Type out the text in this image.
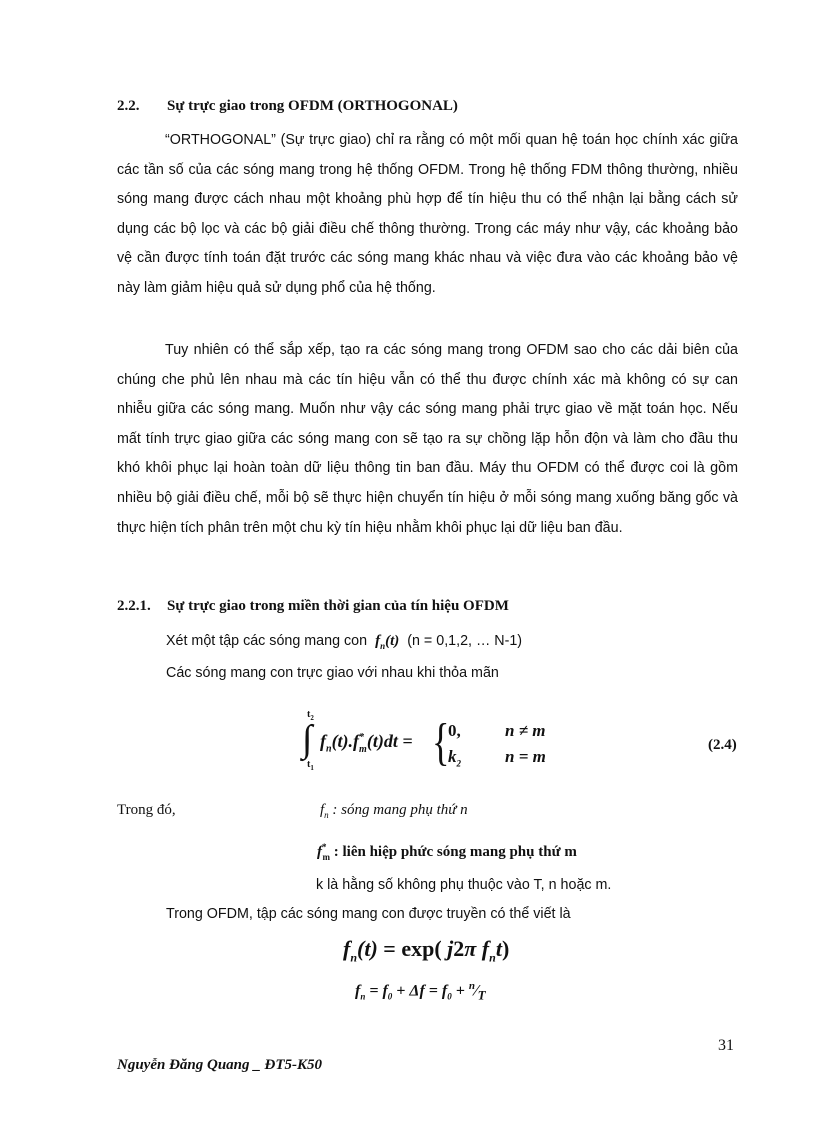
2.2. Sự trực giao trong OFDM (ORTHOGONAL)

“ORTHOGONAL” (Sự trực giao) chỉ ra rằng có một mối quan hệ toán học chính xác giữa các tần số của các sóng mang trong hệ thống OFDM. Trong hệ thống FDM thông thường, nhiều sóng mang được cách nhau một khoảng phù hợp để tín hiệu thu có thể nhận lại bằng cách sử dụng các bộ lọc và các bộ giải điều chế thông thường. Trong các máy như vậy, các khoảng bảo vệ cần được tính toán đặt trước các sóng mang khác nhau và việc đưa vào các khoảng bảo vệ này làm giảm hiệu quả sử dụng phổ của hệ thống.

Tuy nhiên có thể sắp xếp, tạo ra các sóng mang trong OFDM sao cho các dải biên của chúng che phủ lên nhau mà các tín hiệu vẫn có thể thu được chính xác mà không có sự can nhiễu giữa các sóng mang. Muốn như vậy các sóng mang phải trực giao về mặt toán học. Nếu mất tính trực giao giữa các sóng mang con sẽ tạo ra sự chồng lặp hỗn độn và làm cho đầu thu khó khôi phục lại hoàn toàn dữ liệu thông tin ban đầu. Máy thu OFDM có thể được coi là gồm nhiều bộ giải điều chế, mỗi bộ sẽ thực hiện chuyển tín hiệu ở mỗi sóng mang xuống băng gốc và thực hiện tích phân trên một chu kỳ tín hiệu nhằm khôi phục lại dữ liệu ban đầu.

2.2.1. Sự trực giao trong miền thời gian của tín hiệu OFDM
Xét một tập các sóng mang con $f_n(t) (n = 0,1,2$, … N-1)
Các sóng mang con trực giao với nhau khi thỏa mãn
$t_2$
∫
$t_1$
$f_n(t).f^*_m(t)dt$ = {
0,	n ≠ m
$k_2$	n = m
(2.4)
Trong đó,	$f_n$ : sóng mang phụ thứ n
$f^*_m$ : liên hiệp phức sóng mang phụ thứ m
k là hằng số không phụ thuộc vào T, n hoặc m.
Trong OFDM, tập các sóng mang con được truyền có thể viết là
$f_n(t) = \exp$( j2π $f_nt$)
$f_n = f_0 + \Delta f = f_0$ + $^n⁄_T$
31
Nguyễn Đăng Quang _ ĐT5-K50
